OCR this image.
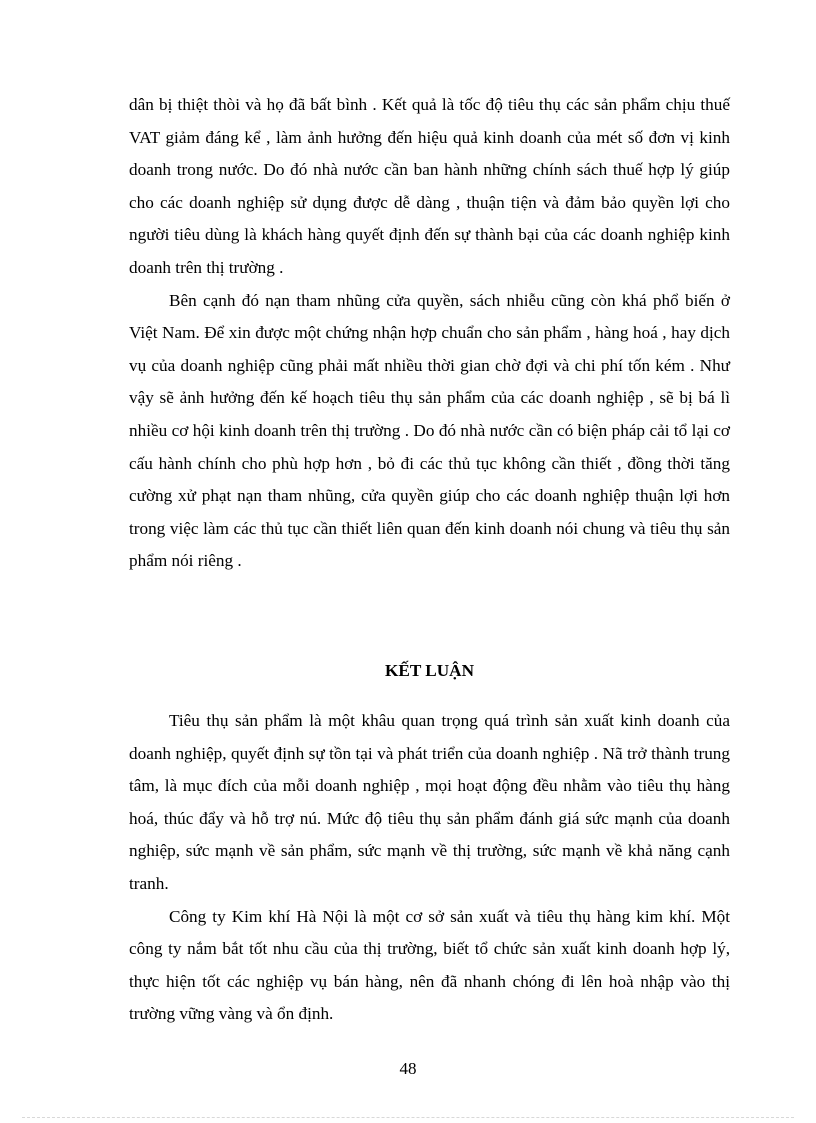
dân bị thiệt thòi và họ đã bất bình . Kết quả là tốc độ tiêu thụ các sản phẩm chịu thuế VAT giảm đáng kể , làm ảnh hưởng đến hiệu quả kinh doanh của mét số đơn vị kinh doanh trong nước. Do đó nhà nước cần ban hành những chính sách thuế hợp lý giúp cho các doanh nghiệp sử dụng được dễ dàng , thuận tiện và đảm bảo quyền lợi cho người tiêu dùng là khách hàng quyết định đến sự thành bại của các doanh nghiệp kinh doanh trên thị trường .

Bên cạnh đó nạn tham nhũng cửa quyền, sách nhiễu cũng còn khá phổ biến ở Việt Nam. Để xin được một chứng nhận hợp chuẩn cho sản phẩm , hàng hoá , hay dịch vụ của doanh nghiệp cũng phải mất nhiều thời gian chờ đợi và chi phí tốn kém . Như vậy sẽ ảnh hưởng đến kế hoạch tiêu thụ sản phẩm của các doanh nghiệp , sẽ bị bá lì nhiều cơ hội kinh doanh trên thị trường . Do đó nhà nước cần có biện pháp cải tổ lại cơ cấu hành chính cho phù hợp hơn , bỏ đi các thủ tục không cần thiết , đồng thời tăng cường xử phạt nạn tham nhũng, cửa quyền giúp cho các doanh nghiệp thuận lợi hơn trong việc làm các thủ tục cần thiết liên quan đến kinh doanh nói chung và tiêu thụ sản phẩm nói riêng .

KẾT LUẬN

Tiêu thụ sản phẩm là một khâu quan trọng quá trình sản xuất kinh doanh của doanh nghiệp, quyết định sự tồn tại và phát triển của doanh nghiệp . Nã trở thành trung tâm, là mục đích của mỗi doanh nghiệp , mọi hoạt động đều nhằm vào tiêu thụ hàng hoá, thúc đẩy và hỗ trợ nú. Mức độ tiêu thụ sản phẩm đánh giá sức mạnh của doanh nghiệp, sức mạnh về sản phẩm, sức mạnh về thị trường, sức mạnh về khả năng cạnh tranh.

Công ty Kim khí Hà Nội là một cơ sở sản xuất và tiêu thụ hàng kim khí. Một công ty nắm bắt tốt nhu cầu của thị trường, biết tổ chức sản xuất kinh doanh hợp lý, thực hiện tốt các nghiệp vụ bán hàng, nên đã nhanh chóng đi lên hoà nhập vào thị trường vững vàng và ổn định.

48
